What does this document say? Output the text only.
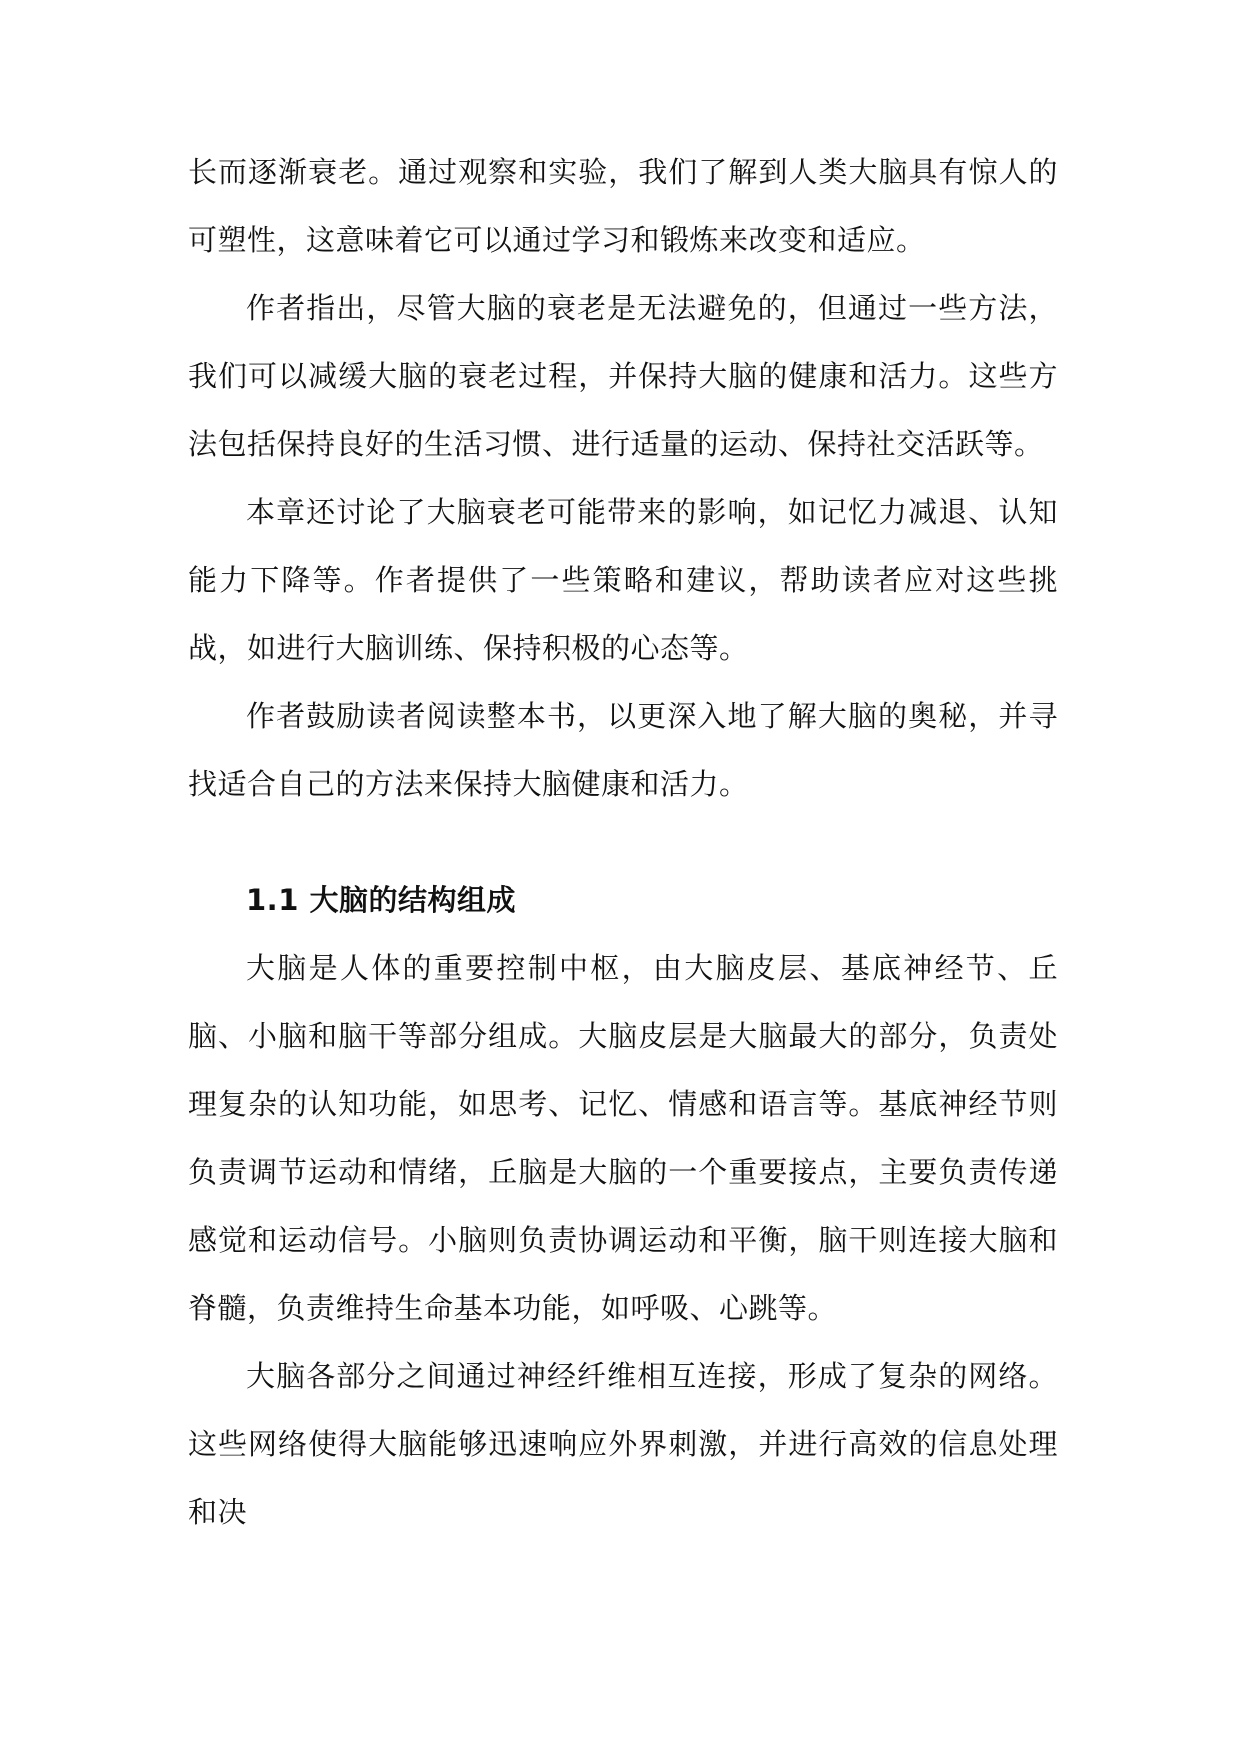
长而逐渐衰老。通过观察和实验，我们了解到人类大脑具有惊人的可塑性，这意味着它可以通过学习和锻炼来改变和适应。

作者指出，尽管大脑的衰老是无法避免的，但通过一些方法，我们可以减缓大脑的衰老过程，并保持大脑的健康和活力。这些方法包括保持良好的生活习惯、进行适量的运动、保持社交活跃等。

本章还讨论了大脑衰老可能带来的影响，如记忆力减退、认知能力下降等。作者提供了一些策略和建议，帮助读者应对这些挑战，如进行大脑训练、保持积极的心态等。

作者鼓励读者阅读整本书，以更深入地了解大脑的奥秘，并寻找适合自己的方法来保持大脑健康和活力。

1.1 大脑的结构组成

大脑是人体的重要控制中枢，由大脑皮层、基底神经节、丘脑、小脑和脑干等部分组成。大脑皮层是大脑最大的部分，负责处理复杂的认知功能，如思考、记忆、情感和语言等。基底神经节则负责调节运动和情绪，丘脑是大脑的一个重要接点，主要负责传递感觉和运动信号。小脑则负责协调运动和平衡，脑干则连接大脑和脊髓，负责维持生命基本功能，如呼吸、心跳等。

大脑各部分之间通过神经纤维相互连接，形成了复杂的网络。这些网络使得大脑能够迅速响应外界刺激，并进行高效的信息处理和决
